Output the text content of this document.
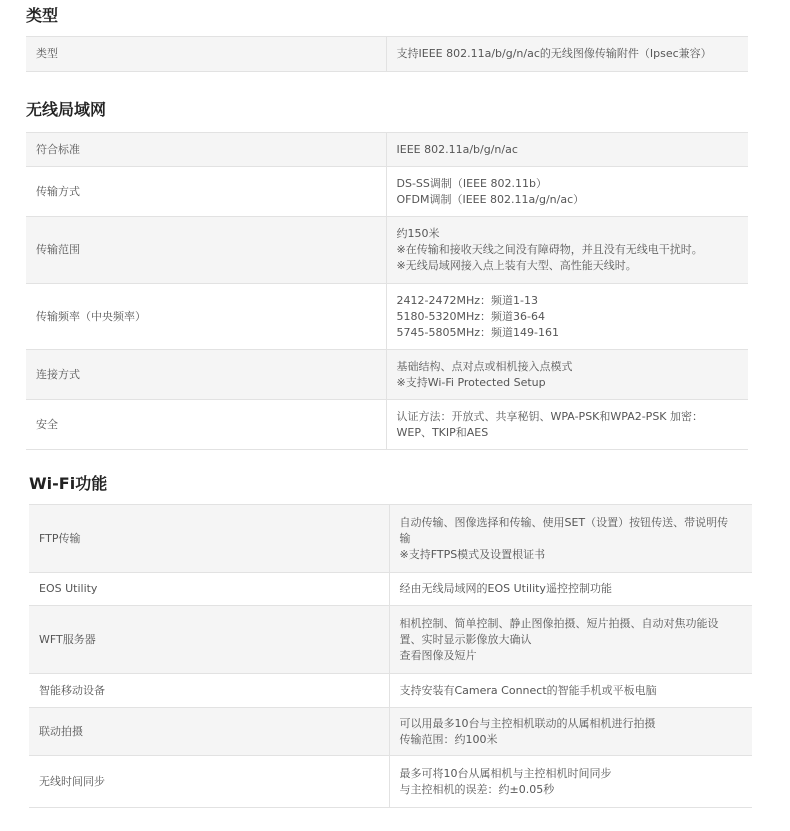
类型
类型	支持IEEE 802.11a/b/g/n/ac的无线图像传输附件（Ipsec兼容）
无线局域网
符合标准	IEEE 802.11a/b/g/n/ac

传输方式	DS-SS调制（IEEE 802.11b）
OFDM调制（IEEE 802.11a/g/n/ac）

传输范围	约150米
※在传输和接收天线之间没有障碍物，并且没有无线电干扰时。
※无线局域网接入点上装有大型、高性能天线时。

传输频率（中央频率）	2412-2472MHz：频道1-13
5180-5320MHz：频道36-64
5745-5805MHz：频道149-161

连接方式	基础结构、点对点或相机接入点模式
※支持Wi-Fi Protected Setup

安全	认证方法：开放式、共享秘钥、WPA-PSK和WPA2-PSK 加密：
WEP、TKIP和AES
Wi-Fi功能
FTP传输	自动传输、图像选择和传输、使用SET（设置）按钮传送、带说明传
输
※支持FTPS模式及设置根证书

EOS Utility	经由无线局域网的EOS Utility遥控控制功能

WFT服务器	相机控制、简单控制、静止图像拍摄、短片拍摄、自动对焦功能设
置、实时显示影像放大确认
查看图像及短片

智能移动设备	支持安装有Camera Connect的智能手机或平板电脑

联动拍摄	可以用最多10台与主控相机联动的从属相机进行拍摄
传输范围：约100米

无线时间同步	最多可将10台从属相机与主控相机时间同步
与主控相机的误差：约±0.05秒
